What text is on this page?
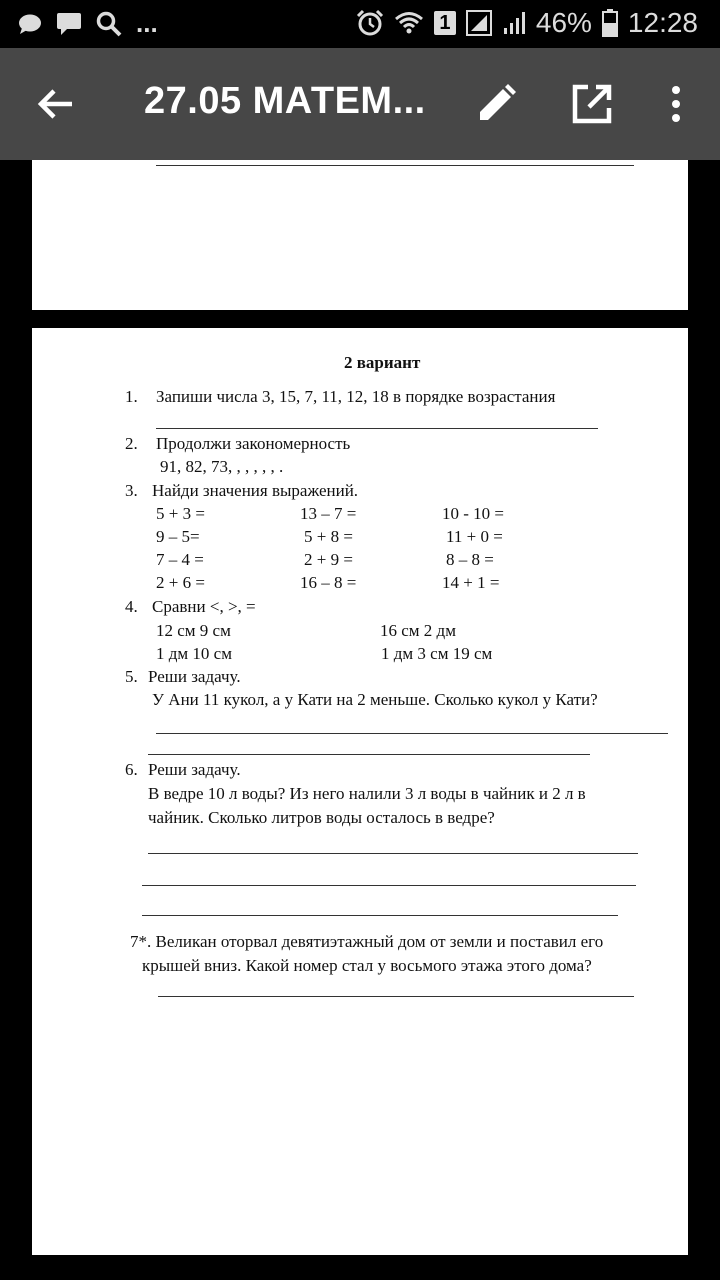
...	1	46% 12:28
27.05 МАТЕМ...
2 вариант
1. Запиши числа 3, 15, 7, 11, 12, 18 в порядке возрастания
2. Продолжи закономерность
91, 82, 73, , , , , , .
3. Найди значения выражений.
5 + 3 =
9 – 5=
7 – 4 =
2 + 6 =
13 – 7 =
5 + 8 =
2 + 9 =
16 – 8 =
10 - 10 =
11 + 0 =
8 – 8 =
14 + 1 =
4. Сравни <, >, =
12 см 9 см
1 дм 10 см
16 см 2 дм
1 дм 3 см 19 см
5. Реши задачу.
У Ани 11 кукол, а у Кати на 2 меньше. Сколько кукол у Кати?
6. Реши задачу.
В ведре 10 л воды? Из него налили 3 л воды в чайник и 2 л в
чайник. Сколько литров воды осталось в ведре?
7*. Великан оторвал девятиэтажный дом от земли и поставил его
крышей вниз. Какой номер стал у восьмого этажа этого дома?
